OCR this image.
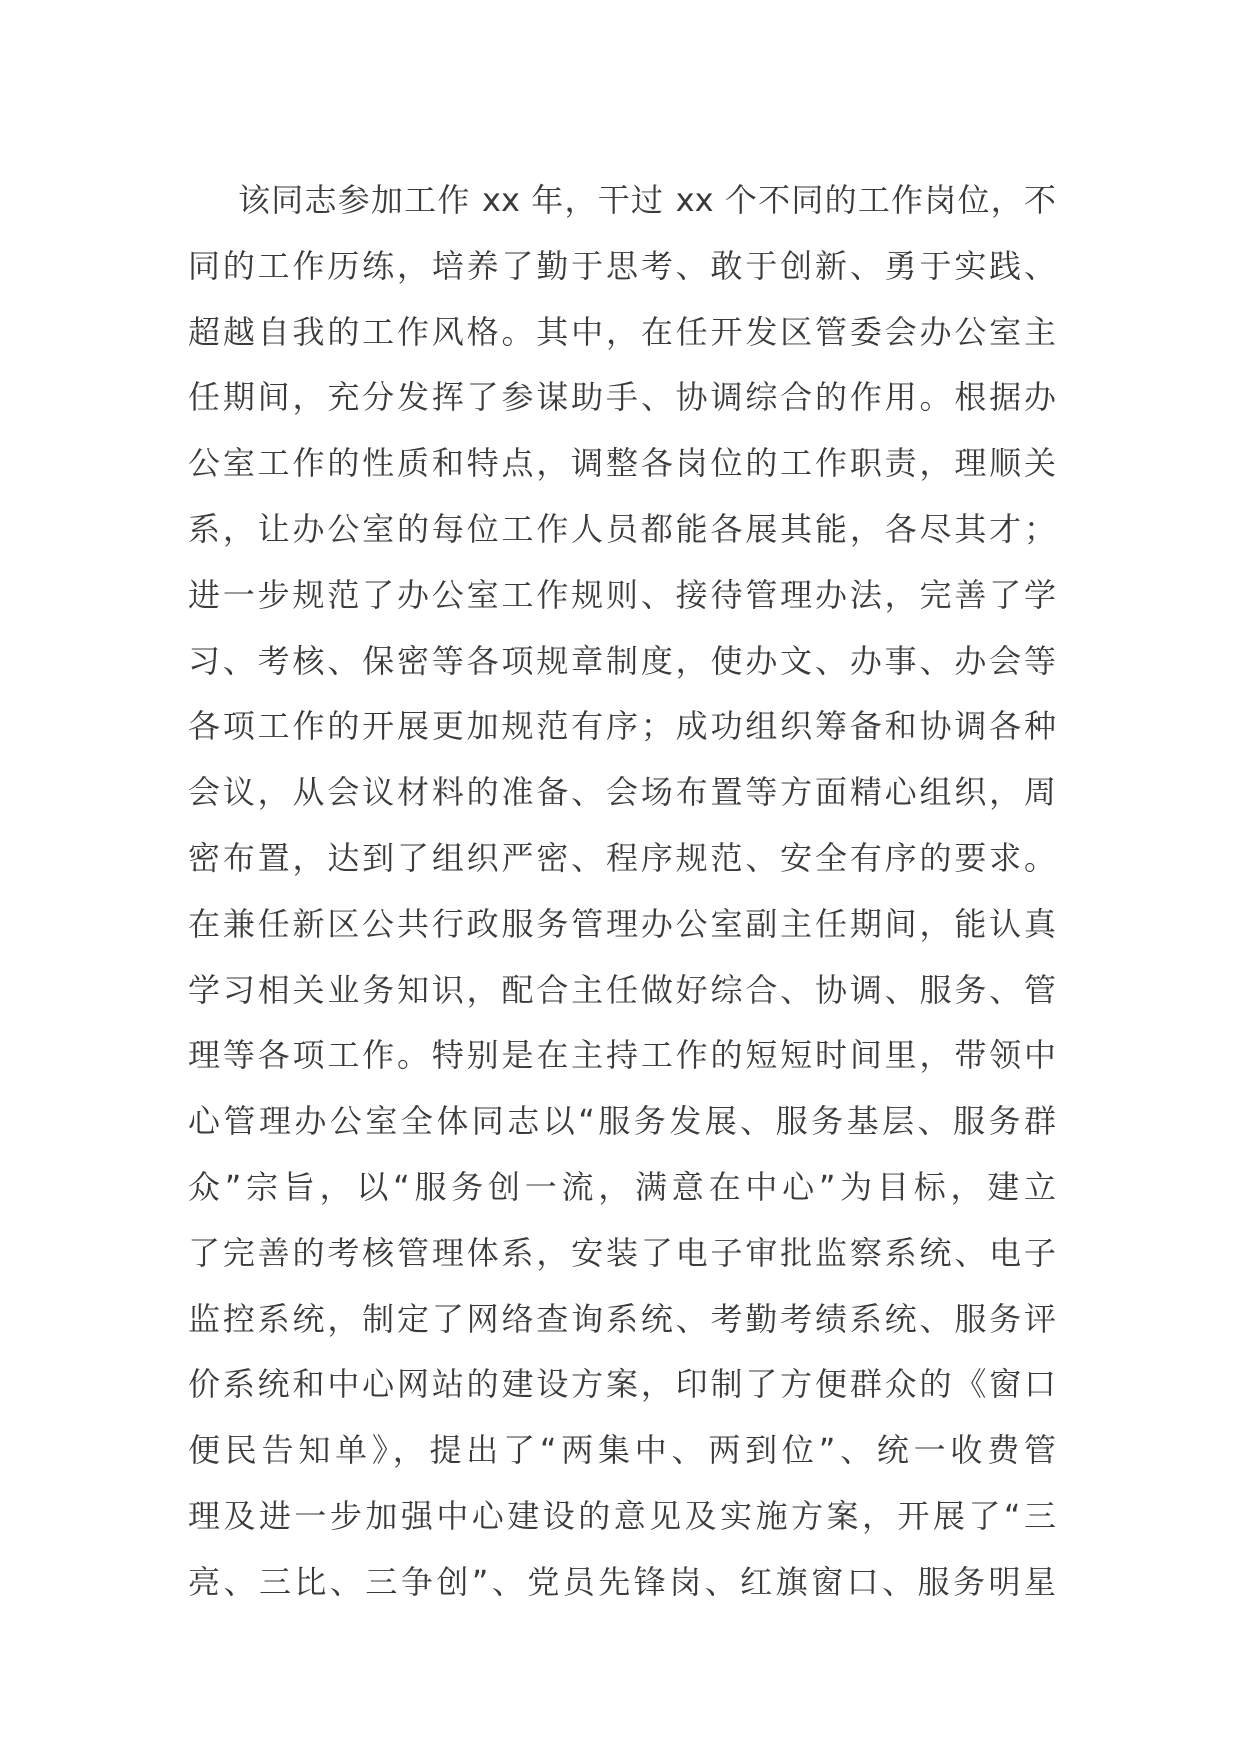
该同志参加工作 xx 年，干过 xx 个不同的工作岗位，不
同的工作历练，培养了勤于思考、敢于创新、勇于实践、
超越自我的工作风格。其中，在任开发区管委会办公室主
任期间，充分发挥了参谋助手、协调综合的作用。根据办
公室工作的性质和特点，调整各岗位的工作职责，理顺关
系，让办公室的每位工作人员都能各展其能，各尽其才；
进一步规范了办公室工作规则、接待管理办法，完善了学
习、考核、保密等各项规章制度，使办文、办事、办会等
各项工作的开展更加规范有序；成功组织筹备和协调各种
会议，从会议材料的准备、会场布置等方面精心组织，周
密布置，达到了组织严密、程序规范、安全有序的要求。
在兼任新区公共行政服务管理办公室副主任期间，能认真
学习相关业务知识，配合主任做好综合、协调、服务、管
理等各项工作。特别是在主持工作的短短时间里，带领中
心管理办公室全体同志以“服务发展、服务基层、服务群
众”宗旨，以“服务创一流，满意在中心”为目标，建立
了完善的考核管理体系，安装了电子审批监察系统、电子
监控系统，制定了网络查询系统、考勤考绩系统、服务评
价系统和中心网站的建设方案，印制了方便群众的《窗口
便民告知单》，提出了“两集中、两到位”、统一收费管
理及进一步加强中心建设的意见及实施方案，开展了“三
亮、三比、三争创”、党员先锋岗、红旗窗口、服务明星
